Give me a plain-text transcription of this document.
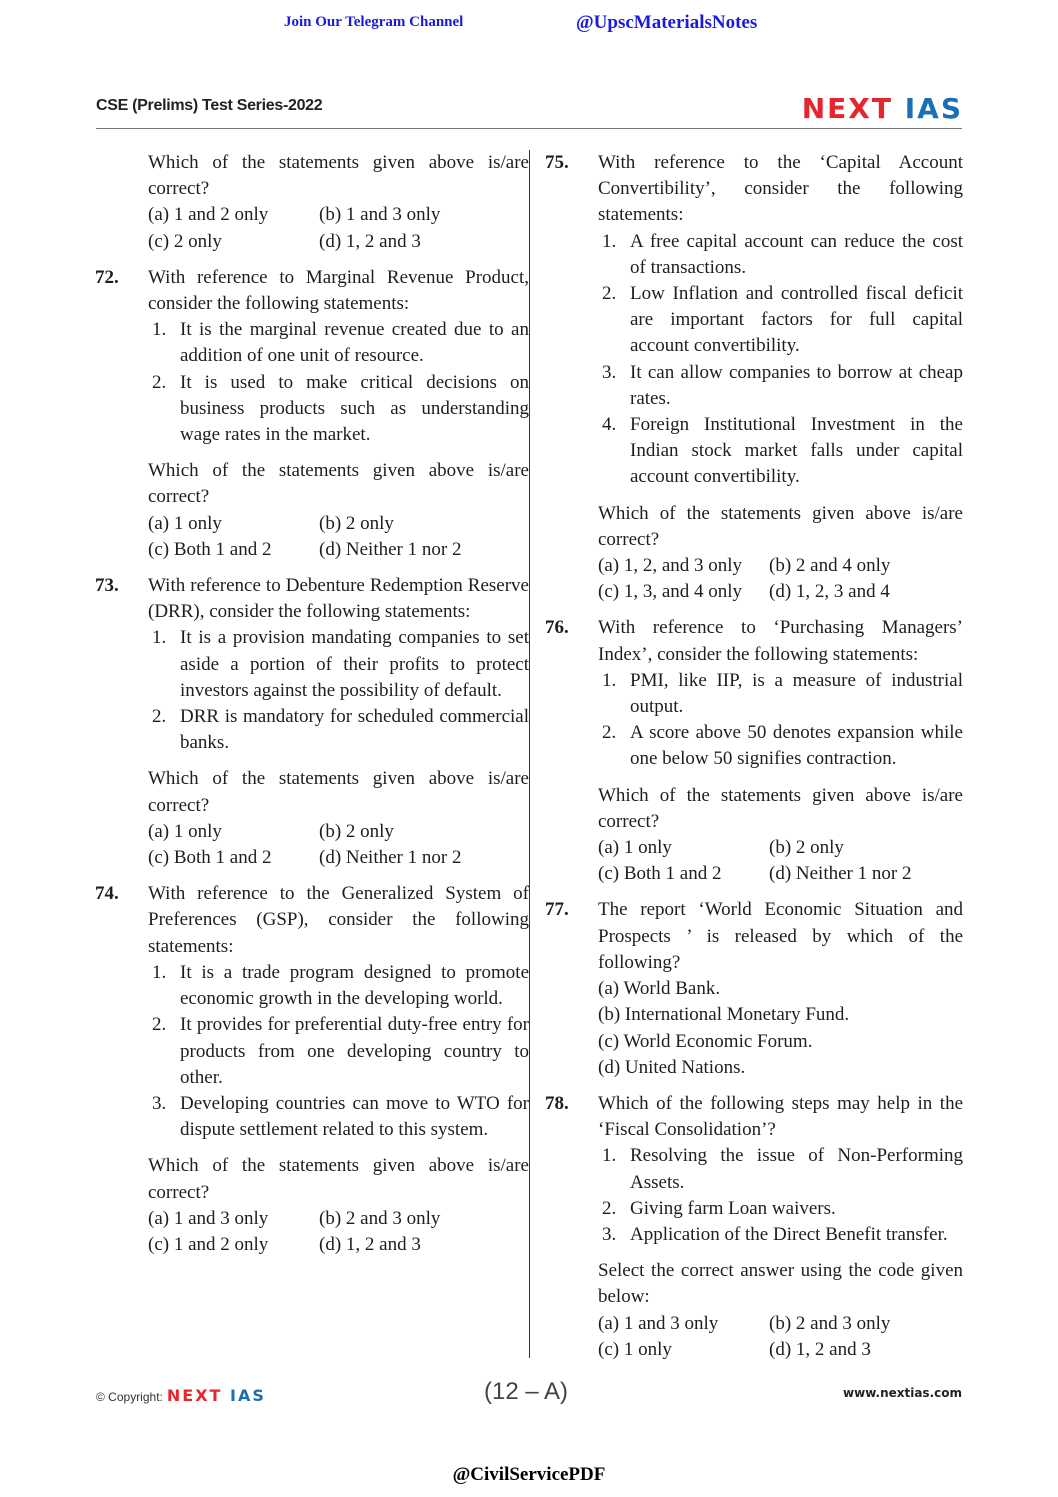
Join Our Telegram Channel	@UpscMaterialsNotes
CSE (Prelims) Test Series-2022	NEXT IAS
Which of the statements given above is/are correct?
(a) 1 and 2 only	(b) 1 and 3 only
(c) 2 only	(d) 1, 2 and 3
72.	With reference to Marginal Revenue Product, consider the following statements:
1. It is the marginal revenue created due to an addition of one unit of resource.
2. It is used to make critical decisions on business products such as understanding wage rates in the market.
Which of the statements given above is/are correct?
(a) 1 only	(b) 2 only
(c) Both 1 and 2	(d) Neither 1 nor 2
73.	With reference to Debenture Redemption Reserve (DRR), consider the following statements:
1. It is a provision mandating companies to set aside a portion of their profits to protect investors against the possibility of default.
2. DRR is mandatory for scheduled commercial banks.
Which of the statements given above is/are correct?
(a) 1 only	(b) 2 only
(c) Both 1 and 2	(d) Neither 1 nor 2
74.	With reference to the Generalized System of Preferences (GSP), consider the following statements:
1. It is a trade program designed to promote economic growth in the developing world.
2. It provides for preferential duty-free entry for products from one developing country to other.
3. Developing countries can move to WTO for dispute settlement related to this system.
Which of the statements given above is/are correct?
(a) 1 and 3 only	(b) 2 and 3 only
(c) 1 and 2 only	(d) 1, 2 and 3
75.	With reference to the ‘Capital Account Convertibility’, consider the following statements:
1. A free capital account can reduce the cost of transactions.
2. Low Inflation and controlled fiscal deficit are important factors for full capital account convertibility.
3. It can allow companies to borrow at cheap rates.
4. Foreign Institutional Investment in the Indian stock market falls under capital account convertibility.
Which of the statements given above is/are correct?
(a) 1, 2, and 3 only	(b) 2 and 4 only
(c) 1, 3, and 4 only	(d) 1, 2, 3 and 4
76.	With reference to ‘Purchasing Managers’ Index’, consider the following statements:
1. PMI, like IIP, is a measure of industrial output.
2. A score above 50 denotes expansion while one below 50 signifies contraction.
Which of the statements given above is/are correct?
(a) 1 only	(b) 2 only
(c) Both 1 and 2	(d) Neither 1 nor 2
77.	The report ‘World Economic Situation and Prospects ’ is released by which of the following?
(a) World Bank.
(b) International Monetary Fund.
(c) World Economic Forum.
(d) United Nations.
78.	Which of the following steps may help in the ‘Fiscal Consolidation’?
1. Resolving the issue of Non-Performing Assets.
2. Giving farm Loan waivers.
3. Application of the Direct Benefit transfer.
Select the correct answer using the code given below:
(a) 1 and 3 only	(b) 2 and 3 only
(c) 1 only	(d) 1, 2 and 3
© Copyright: NEXT IAS	(12 – A)	www.nextias.com
@CivilServicePDF
